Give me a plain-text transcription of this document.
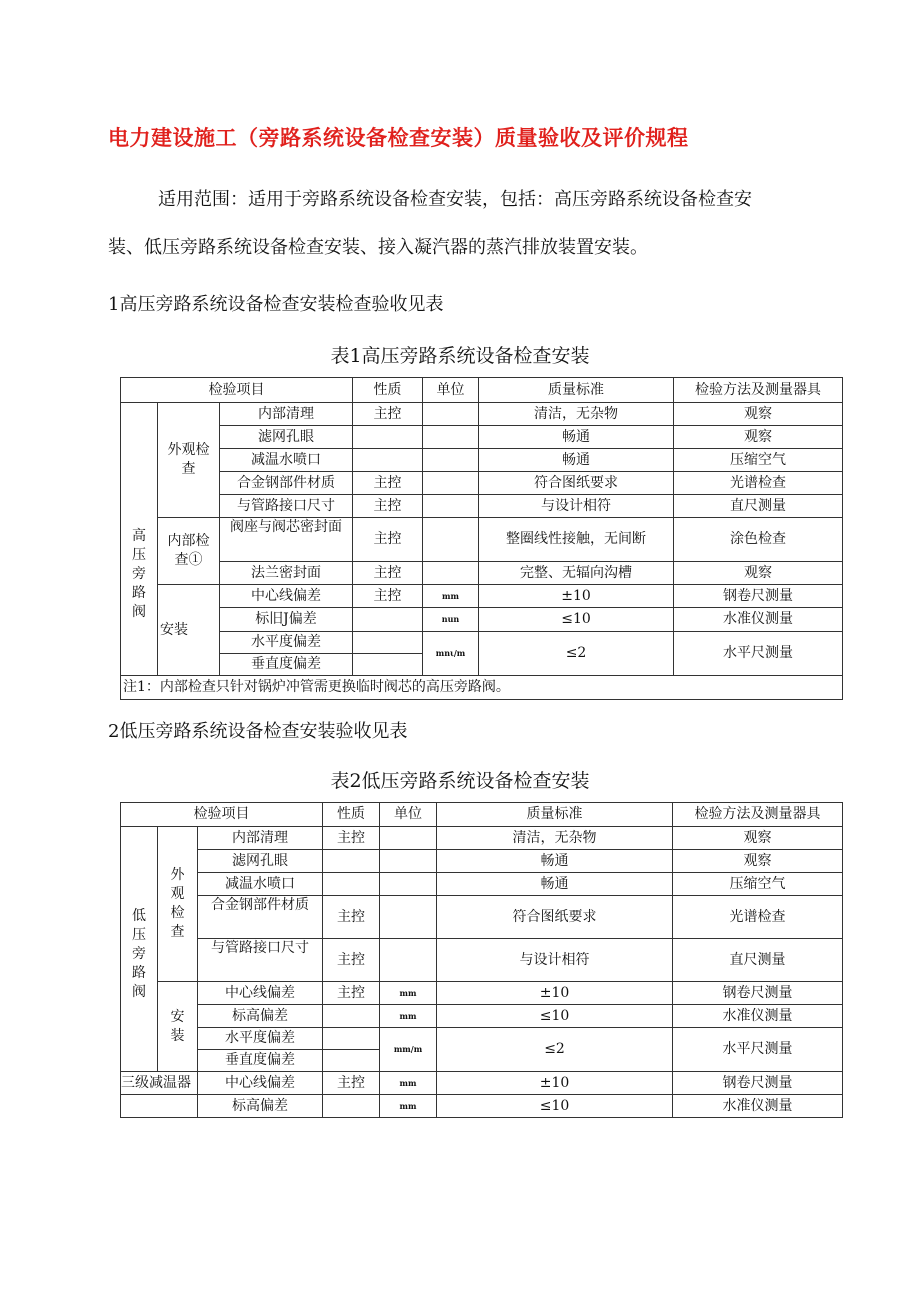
电力建设施工（旁路系统设备检查安装）质量验收及评价规程

适用范围：适用于旁路系统设备检查安装，包括：高压旁路系统设备检查安

装、低压旁路系统设备检查安装、接入凝汽器的蒸汽排放装置安装。

1高压旁路系统设备检查安装检查验收见表
表1高压旁路系统设备检查安装
检验项目			性质	单位	质量标准	检验方法及测量器具
高压旁路阀	外观检查	内部清理	主控		清洁，无杂物	观察
		滤网孔眼			畅通	观察
		减温水喷口			畅通	压缩空气
		合金钢部件材质	主控		符合图纸要求	光谱检查
		与管路接口尺寸	主控		与设计相符	直尺测量
	内部检查①	阀座与阀芯密封面	主控		整圈线性接触，无间断	涂色检查
		法兰密封面	主控		完整、无辐向沟槽	观察
	安装	中心线偏差	主控	mm	±10	钢卷尺测量
		标旧J偏差		nun	≤10	水准仪测量
		水平度偏差		mnι/m	≤2	水平尺测量
		垂直度偏差				
注1：内部检查只针对锅炉冲管需更换临时阀芯的高压旁路阀。						
2低压旁路系统设备检查安装验收见表
表2低压旁路系统设备检查安装
检验项目			性质	单位	质量标准	检验方法及测量器具
低压旁路阀	外观检查	内部清理	主控		清洁，无杂物	观察
		滤网孔眼			畅通	观察
		减温水喷口			畅通	压缩空气
		合金钢部件材质	主控		符合图纸要求	光谱检查
		与管路接口尺寸	主控		与设计相符	直尺测量
	安装	中心线偏差	主控	mm	±10	钢卷尺测量
		标高偏差		mm	≤10	水准仪测量
		水平度偏差		mm/m	≤2	水平尺测量
		垂直度偏差				
三级减温器		中心线偏差	主控	mm	±10	钢卷尺测量
		标高偏差		mm	≤10	水准仪测量
